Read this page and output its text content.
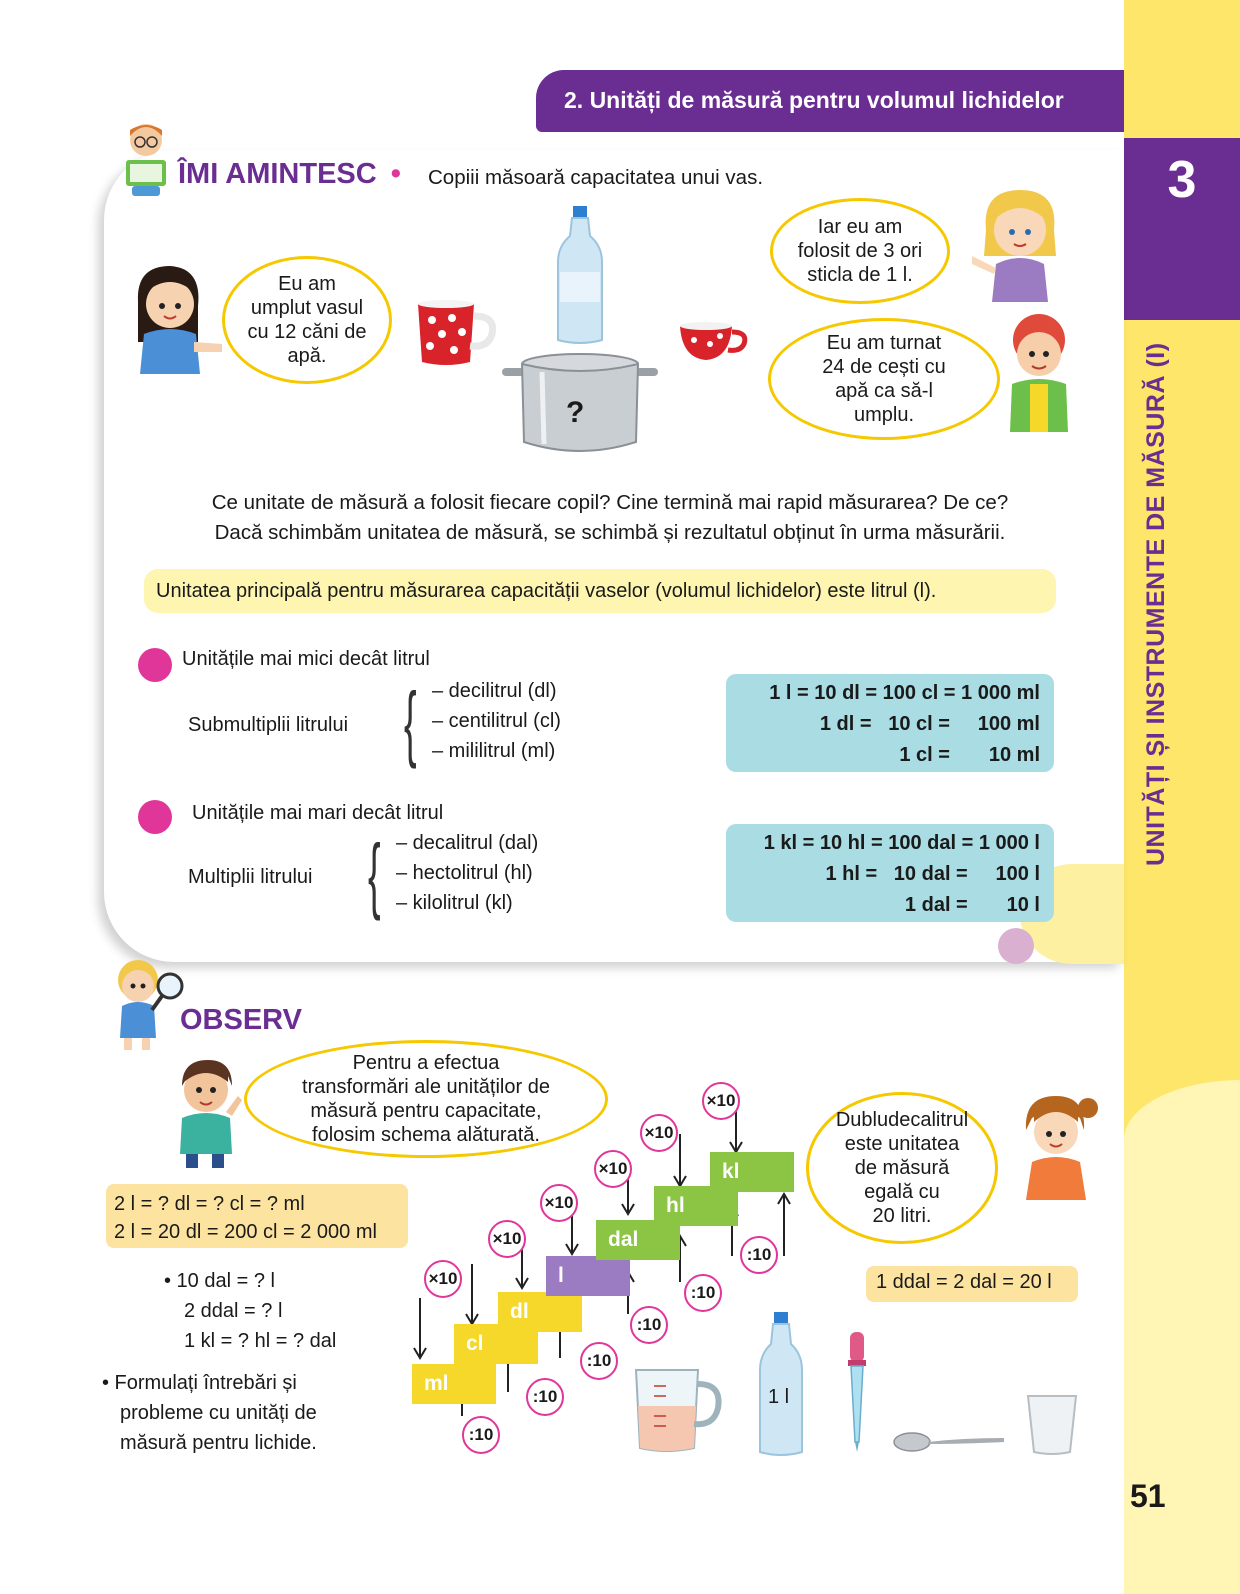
3
UNITĂȚI ȘI INSTRUMENTE DE MĂSURĂ (I)
51
2. Unități de măsură pentru volumul lichidelor
ÎMI AMINTESC • Copiii măsoară capacitatea unui vas.
Eu am
umplut vasul
cu 12 căni de
apă.
?
Iar eu am
folosit de 3 ori
sticla de 1 l.
Eu am turnat
24 de cești cu
apă ca să-l
umplu.
Ce unitate de măsură a folosit fiecare copil? Cine termină mai rapid măsurarea? De ce?
Dacă schimbăm unitatea de măsură, se schimbă și rezultatul obținut în urma măsurării.
Unitatea principală pentru măsurarea capacității vaselor (volumul lichidelor) este litrul (l).
Unitățile mai mici decât litrul
Submultiplii litrului { – decilitrul (dl)
– centilitrul (cl)
– mililitrul (ml)
1 l = 10 dl = 100 cl = 1 000 ml
1 dl =   10 cl =     100 ml
1 cl =       10 ml
Unitățile mai mari decât litrul
Multiplii litrului { – decalitrul (dal)
– hectolitrul (hl)
– kilolitrul (kl)
1 kl = 10 hl = 100 dal = 1 000 l
1 hl =   10 dal =     100 l
1 dal =       10 l
OBSERV
Pentru a efectua
transformări ale unităților de
măsură pentru capacitate,
folosim schema alăturată.
2 l = ? dl = ? cl = ? ml
2 l = 20 dl = 200 cl = 2 000 ml
• 10 dal = ? l
2 ddal = ? l
1 kl = ? hl = ? dal
• Formulați întrebări și
probleme cu unități de
măsură pentru lichide.
ml
cl
dl
l
dal
hl
kl
×10
×10
×10
×10
×10
×10
:10
:10
:10
:10
:10
:10
1 l
Dubludecalitrul
este unitatea
de măsură
egală cu
20 litri.
1 ddal = 2 dal = 20 l
